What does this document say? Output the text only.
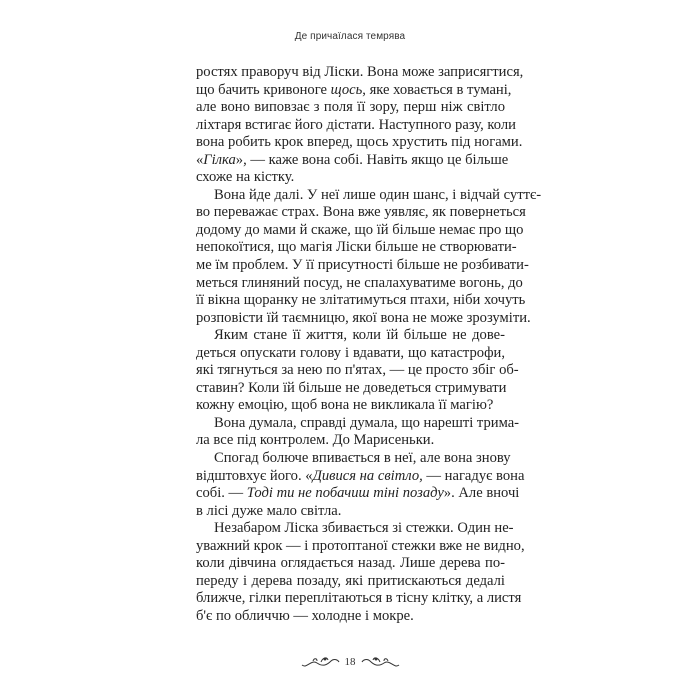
Де причаїлася темрява
ростях праворуч від Ліски. Вона може заприсягтися,
що бачить кривоноге щось, яке ховається в тумані,
але воно виповзає з поля її зору, перш ніж світло
ліхтаря встигає його дістати. Наступного разу, коли
вона робить крок вперед, щось хрустить під ногами.
«Гілка», — каже вона собі. Навіть якщо це більше
схоже на кістку.
Вона йде далі. У неї лише один шанс, і відчай суттє-
во переважає страх. Вона вже уявляє, як повернеться
додому до мами й скаже, що їй більше немає про що
непокоїтися, що магія Ліски більше не створювати-
ме їм проблем. У її присутності більше не розбивати-
меться глиняний посуд, не спалахуватиме вогонь, до
її вікна щоранку не злітатимуться птахи, ніби хочуть
розповісти їй таємницю, якої вона не може зрозуміти.
Яким стане її життя, коли їй більше не дове-
деться опускати голову і вдавати, що катастрофи,
які тягнуться за нею по п'ятах, — це просто збіг об-
ставин? Коли їй більше не доведеться стримувати
кожну емоцію, щоб вона не викликала її магію?
Вона думала, справді думала, що нарешті трима-
ла все під контролем. До Марисеньки.
Спогад болюче впивається в неї, але вона знову
відштовхує його. «Дивися на світло, — нагадує вона
собі. — Тоді ти не побачиш тіні позаду». Але вночі
в лісі дуже мало світла.
Незабаром Ліска збивається зі стежки. Один не-
уважний крок — і протоптаної стежки вже не видно,
коли дівчина оглядається назад. Лише дерева по-
переду і дерева позаду, які притискаються дедалі
ближче, гілки переплітаються в тісну клітку, а листя
б'є по обличчю — холодне і мокре.
18
